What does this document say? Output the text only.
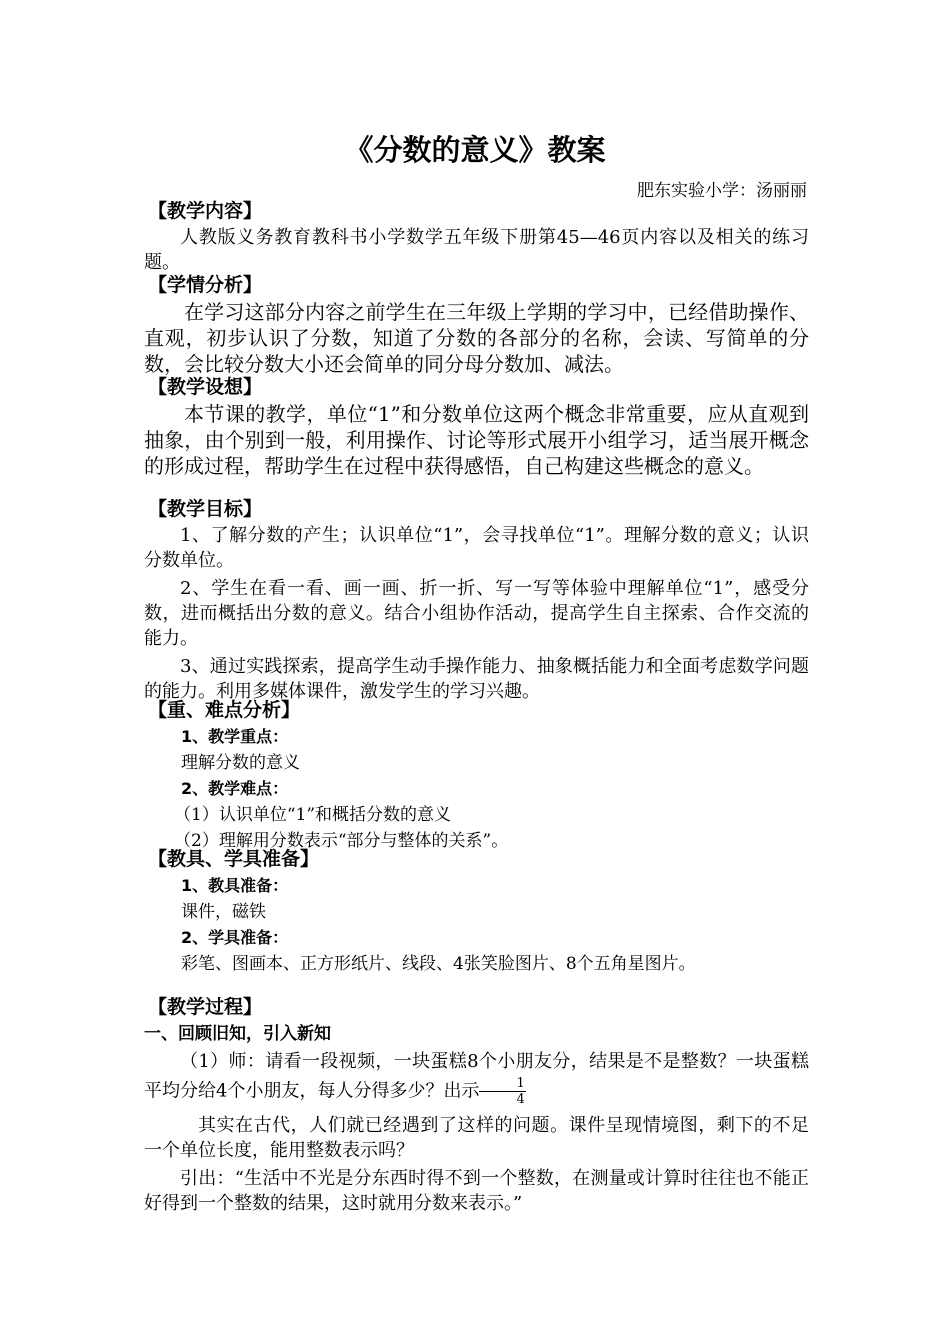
《分数的意义》教案
肥东实验小学：汤丽丽
【教学内容】
人教版义务教育教科书小学数学五年级下册第45—46页内容以及相关的练习题。
【学情分析】
在学习这部分内容之前学生在三年级上学期的学习中，已经借助操作、直观，初步认识了分数，知道了分数的各部分的名称，会读、写简单的分数，会比较分数大小还会简单的同分母分数加、减法。
【教学设想】
本节课的教学，单位“1”和分数单位这两个概念非常重要，应从直观到抽象，由个别到一般，利用操作、讨论等形式展开小组学习，适当展开概念的形成过程，帮助学生在过程中获得感悟，自己构建这些概念的意义。
【教学目标】
1、了解分数的产生；认识单位“1”，会寻找单位“1”。理解分数的意义；认识分数单位。
2、学生在看一看、画一画、折一折、写一写等体验中理解单位“1”，感受分数，进而概括出分数的意义。结合小组协作活动，提高学生自主探索、合作交流的能力。
3、通过实践探索，提高学生动手操作能力、抽象概括能力和全面考虑数学问题的能力。利用多媒体课件，激发学生的学习兴趣。
【重、难点分析】
1、教学重点：
理解分数的意义
2、教学难点：
（1）认识单位“1”和概括分数的意义
（2）理解用分数表示“部分与整体的关系”。
【教具、学具准备】
1、教具准备：
课件，磁铁
2、学具准备：
彩笔、图画本、正方形纸片、线段、4张笑脸图片、8个五角星图片。
【教学过程】
一、回顾旧知，引入新知
（1）师：请看一段视频，一块蛋糕8个小朋友分，结果是不是整数？一块蛋糕平均分给4个小朋友，每人分得多少？出示 $\frac{1}{4}$
其实在古代，人们就已经遇到了这样的问题。课件呈现情境图，剩下的不足一个单位长度，能用整数表示吗？
引出：“生活中不光是分东西时得不到一个整数，在测量或计算时往往也不能正好得到一个整数的结果，这时就用分数来表示。”
